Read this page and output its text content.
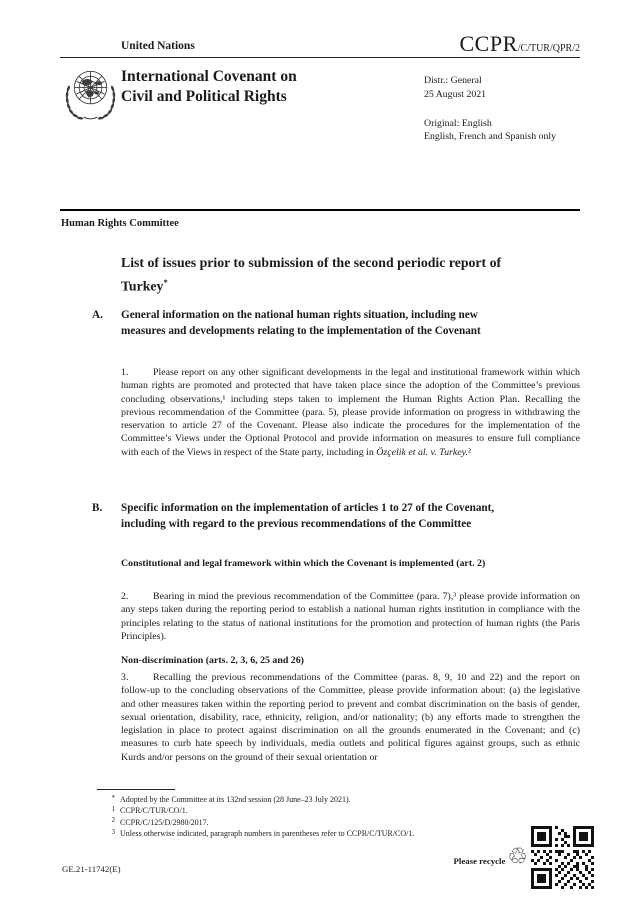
United Nations	CCPR/C/TUR/QPR/2
International Covenant on Civil and Political Rights
Distr.: General
25 August 2021
Original: English
English, French and Spanish only
Human Rights Committee
List of issues prior to submission of the second periodic report of Turkey*
A. General information on the national human rights situation, including new measures and developments relating to the implementation of the Covenant
1. Please report on any other significant developments in the legal and institutional framework within which human rights are promoted and protected that have taken place since the adoption of the Committee’s previous concluding observations,¹ including steps taken to implement the Human Rights Action Plan. Recalling the previous recommendation of the Committee (para. 5), please provide information on progress in withdrawing the reservation to article 27 of the Covenant. Please also indicate the procedures for the implementation of the Committee’s Views under the Optional Protocol and provide information on measures to ensure full compliance with each of the Views in respect of the State party, including in Özçelik et al. v. Turkey.²
B. Specific information on the implementation of articles 1 to 27 of the Covenant, including with regard to the previous recommendations of the Committee
Constitutional and legal framework within which the Covenant is implemented (art. 2)
2. Bearing in mind the previous recommendation of the Committee (para. 7),³ please provide information on any steps taken during the reporting period to establish a national human rights institution in compliance with the principles relating to the status of national institutions for the promotion and protection of human rights (the Paris Principles).
Non-discrimination (arts. 2, 3, 6, 25 and 26)
3. Recalling the previous recommendations of the Committee (paras. 8, 9, 10 and 22) and the report on follow-up to the concluding observations of the Committee, please provide information about: (a) the legislative and other measures taken within the reporting period to prevent and combat discrimination on the basis of gender, sexual orientation, disability, race, ethnicity, religion, and/or nationality; (b) any efforts made to strengthen the legislation in place to protect against discrimination on all the grounds enumerated in the Covenant; and (c) measures to curb hate speech by individuals, media outlets and political figures against groups, such as ethnic Kurds and/or persons on the ground of their sexual orientation or
* Adopted by the Committee at its 132nd session (28 June–23 July 2021).
1 CCPR/C/TUR/CO/1.
2 CCPR/C/125/D/2980/2017.
3 Unless otherwise indicated, paragraph numbers in parentheses refer to CCPR/C/TUR/CO/1.
GE.21-11742(E)
Please recycle ♲
